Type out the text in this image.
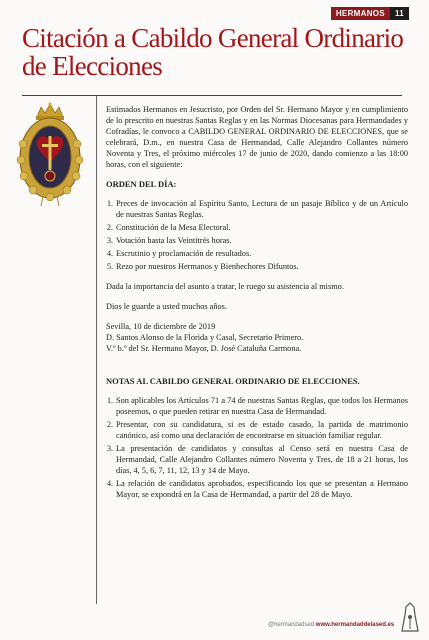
HERMANOS	11
Citación a Cabildo General Ordinario de Elecciones

Estimados Hermanos en Jesucristo, por Orden del Sr. Hermano Mayor y en cumplimiento de lo prescrito en nuestras Santas Reglas y en las Normas Diocesanas para Hermandades y Cofradías, le convoco a CABILDO GENERAL ORDINARIO DE ELECCIONES, que se celebrará, D.m., en nuestra Casa de Hermandad, Calle Alejandro Collantes número Noventa y Tres, el próximo miércoles 17 de junio de 2020, dando comienzo a las 18:00 horas, con el siguiente:

ORDEN DEL DÍA:
1. Preces de invocación al Espíritu Santo, Lectura de un pasaje Bíblico y de un Artículo de nuestras Santas Reglas.
2. Constitución de la Mesa Electoral.
3. Votación hasta las Veintitrés horas.
4. Escrutinio y proclamación de resultados.
5. Rezo por nuestros Hermanos y Bienhechores Difuntos.

Dada la importancia del asunto a tratar, le ruego su asistencia al mismo.

Dios le guarde a usted muchos años.

Sevilla, 10 de diciembre de 2019

D. Santos Alonso de la Florida y Casal, Secretario Primero.

V.º b.º del Sr. Hermano Mayor, D. José Cataluña Carmona.

NOTAS AL CABILDO GENERAL ORDINARIO DE ELECCIONES.
1. Son aplicables los Artículos 71 a 74 de nuestras Santas Reglas, que todos los Hermanos poseemos, o que pueden retirar en nuestra Casa de Hermandad.
2. Presentar, con su candidatura, si es de estado casado, la partida de matrimonio canónico, así como una declaración de encontrarse en situación familiar regular.
3. La presentación de candidatos y consultas al Censo será en nuestra Casa de Hermandad, Calle Alejandro Collantes número Noventa y Tres, de 18 a 21 horas, los días, 4, 5, 6, 7, 11, 12, 13 y 14 de Mayo.
4. La relación de candidatos aprobados, especificando los que se presentan a Hermano Mayor, se expondrá en la Casa de Hermandad, a partir del 28 de Mayo.
@hermandadsed www.hermandaddelased.es
